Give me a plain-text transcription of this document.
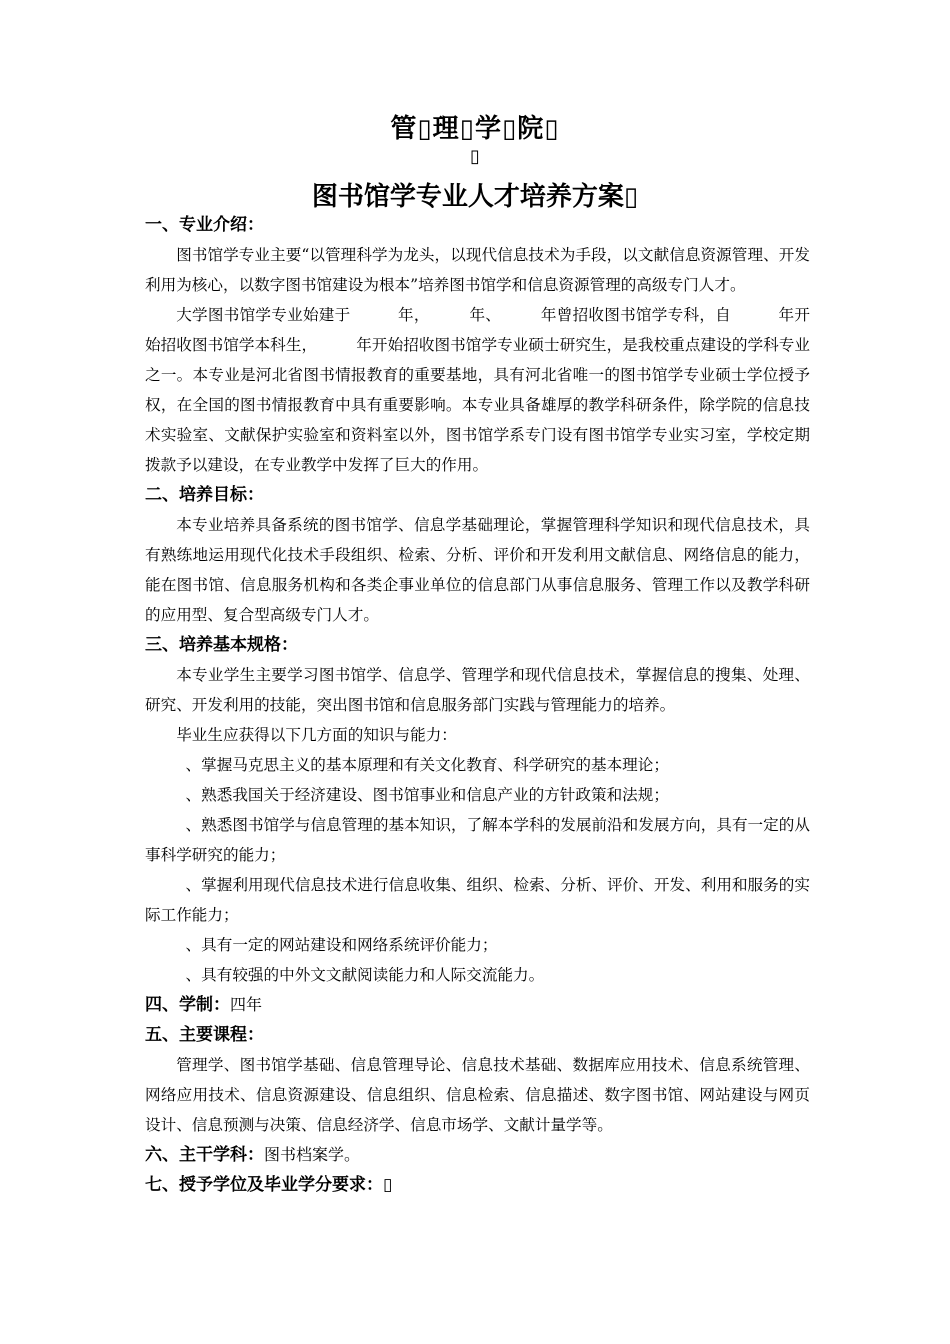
管▯理▯学▯院▯
▯
图书馆学专业人才培养方案▯
一、专业介绍：

图书馆学专业主要“以管理科学为龙头，以现代信息技术为手段，以文献信息资源管理、开发利用为核心，以数字图书馆建设为根本”培养图书馆学和信息资源管理的高级专门人才。

大学图书馆学专业始建于　　　年，　　　年、　　　年曾招收图书馆学专科，自　　　年开始招收图书馆学本科生，　　　年开始招收图书馆学专业硕士研究生，是我校重点建设的学科专业之一。本专业是河北省图书情报教育的重要基地，具有河北省唯一的图书馆学专业硕士学位授予权，在全国的图书情报教育中具有重要影响。本专业具备雄厚的教学科研条件，除学院的信息技术实验室、文献保护实验室和资料室以外，图书馆学系专门设有图书馆学专业实习室，学校定期拨款予以建设，在专业教学中发挥了巨大的作用。

二、培养目标：

本专业培养具备系统的图书馆学、信息学基础理论，掌握管理科学知识和现代信息技术，具有熟练地运用现代化技术手段组织、检索、分析、评价和开发利用文献信息、网络信息的能力，能在图书馆、信息服务机构和各类企事业单位的信息部门从事信息服务、管理工作以及教学科研的应用型、复合型高级专门人才。

三、培养基本规格：

本专业学生主要学习图书馆学、信息学、管理学和现代信息技术，掌握信息的搜集、处理、研究、开发利用的技能，突出图书馆和信息服务部门实践与管理能力的培养。

毕业生应获得以下几方面的知识与能力：

、掌握马克思主义的基本原理和有关文化教育、科学研究的基本理论；

、熟悉我国关于经济建设、图书馆事业和信息产业的方针政策和法规；

、熟悉图书馆学与信息管理的基本知识，了解本学科的发展前沿和发展方向，具有一定的从事科学研究的能力；

、掌握利用现代信息技术进行信息收集、组织、检索、分析、评价、开发、利用和服务的实际工作能力；

、具有一定的网站建设和网络系统评价能力；

、具有较强的中外文文献阅读能力和人际交流能力。

四、学制：四年
五、主要课程：

管理学、图书馆学基础、信息管理导论、信息技术基础、数据库应用技术、信息系统管理、网络应用技术、信息资源建设、信息组织、信息检索、信息描述、数字图书馆、网站建设与网页设计、信息预测与决策、信息经济学、信息市场学、文献计量学等。

六、主干学科：图书档案学。
七、授予学位及毕业学分要求：▯
